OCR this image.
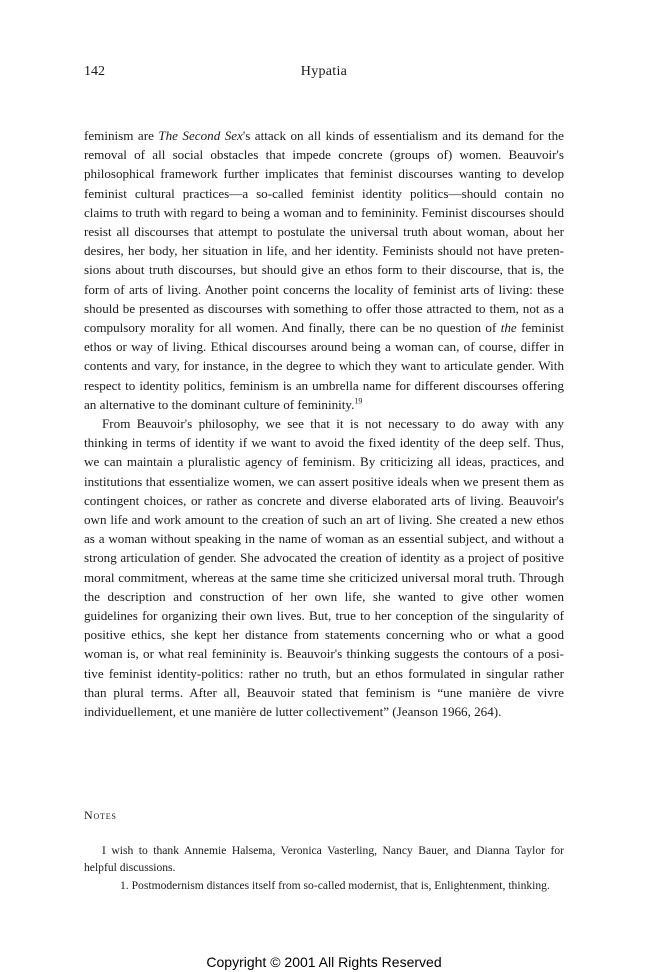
142	Hypatia

feminism are The Second Sex's attack on all kinds of essentialism and its demand for the removal of all social obstacles that impede concrete (groups of) women. Beauvoir's philosophical framework further implicates that feminist discourses wanting to develop feminist cultural practices—a so-called feminist identity politics—should contain no claims to truth with regard to being a woman and to femininity. Feminist discourses should resist all discourses that attempt to postulate the universal truth about woman, about her desires, her body, her situation in life, and her identity. Feminists should not have pretensions about truth discourses, but should give an ethos form to their discourse, that is, the form of arts of living. Another point concerns the locality of feminist arts of living: these should be presented as discourses with something to offer those attracted to them, not as a compulsory morality for all women. And finally, there can be no question of the feminist ethos or way of living. Ethical discourses around being a woman can, of course, differ in contents and vary, for instance, in the degree to which they want to articulate gender. With respect to identity politics, feminism is an umbrella name for different discourses offering an alternative to the dominant culture of femininity.$^{19}$

From Beauvoir's philosophy, we see that it is not necessary to do away with any thinking in terms of identity if we want to avoid the fixed identity of the deep self. Thus, we can maintain a pluralistic agency of feminism. By criticizing all ideas, practices, and institutions that essentialize women, we can assert positive ideals when we present them as contingent choices, or rather as concrete and diverse elaborated arts of living. Beauvoir's own life and work amount to the creation of such an art of living. She created a new ethos as a woman without speaking in the name of woman as an essential subject, and without a strong articulation of gender. She advocated the creation of identity as a project of positive moral commitment, whereas at the same time she criticized universal moral truth. Through the description and construction of her own life, she wanted to give other women guidelines for organizing their own lives. But, true to her conception of the singularity of positive ethics, she kept her distance from statements concerning who or what a good woman is, or what real femininity is. Beauvoir's thinking suggests the contours of a positive feminist identity-politics: rather no truth, but an ethos formulated in singular rather than plural terms. After all, Beauvoir stated that feminism is “une manière de vivre individuellement, et une manière de lutter collectivement” (Jeanson 1966, 264).

Notes

I wish to thank Annemie Halsema, Veronica Vasterling, Nancy Bauer, and Dianna Taylor for helpful discussions.

1. Postmodernism distances itself from so-called modernist, that is, Enlightenment, thinking.

Copyright © 2001 All Rights Reserved
